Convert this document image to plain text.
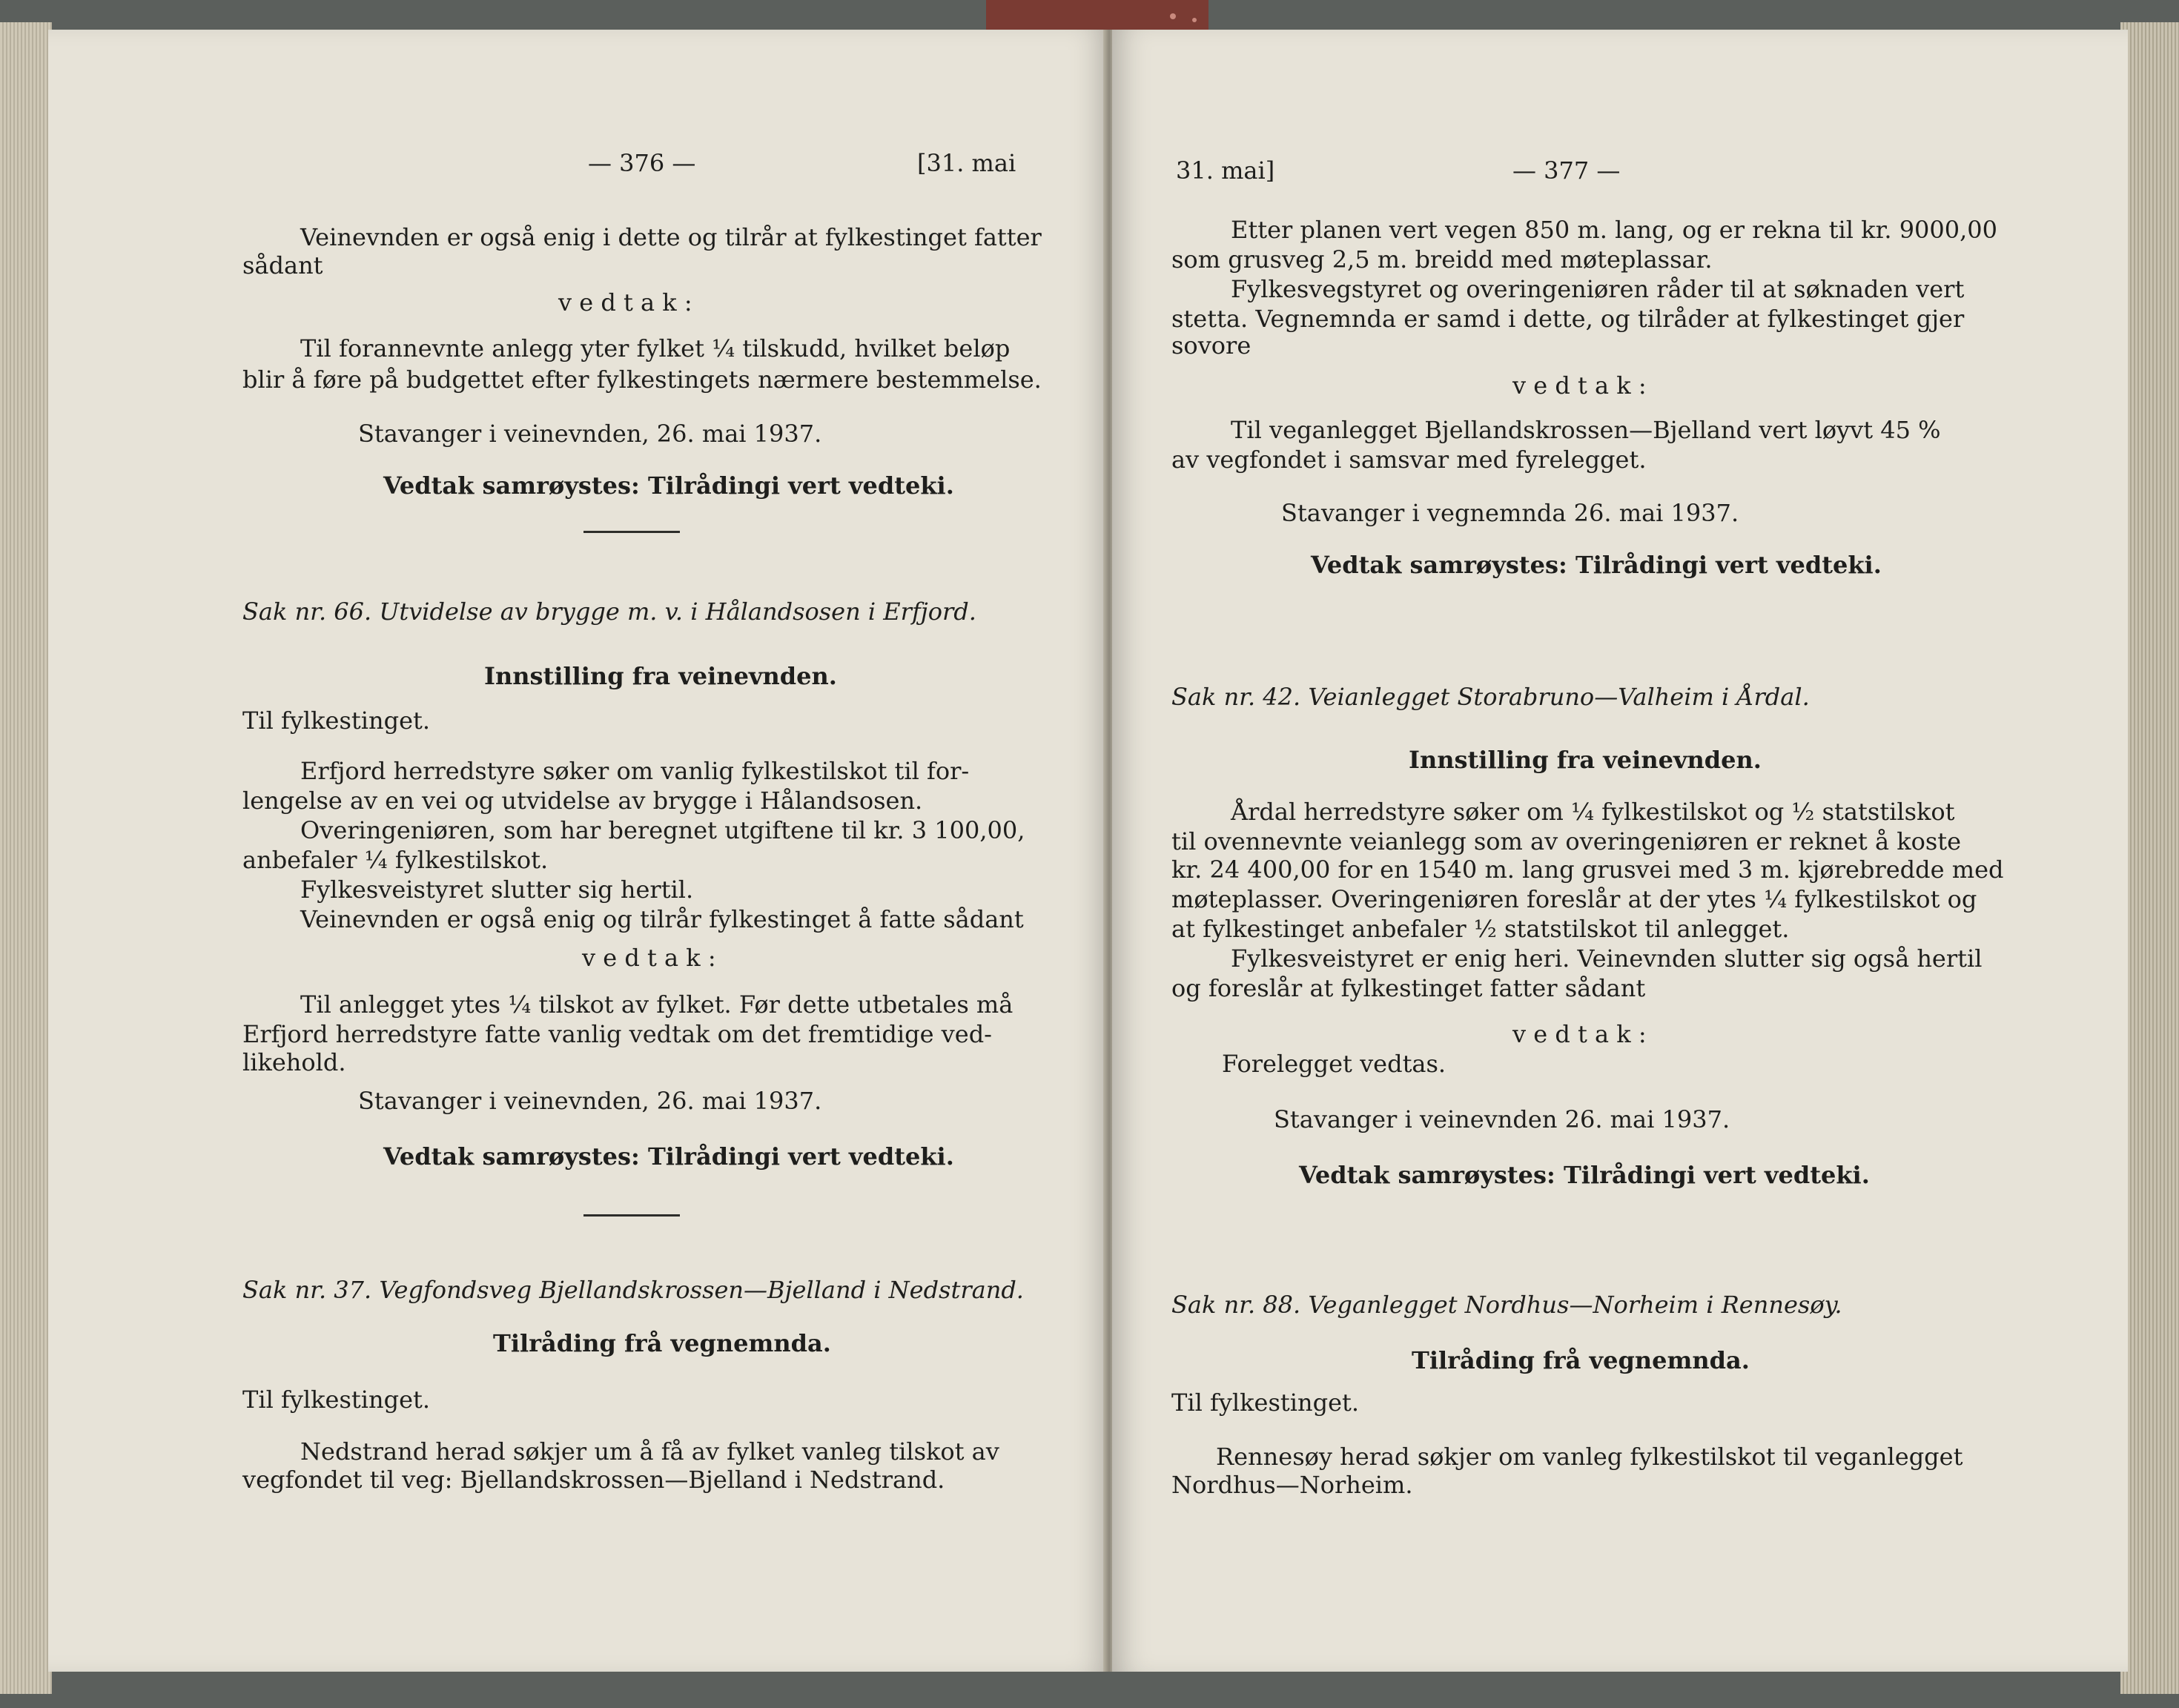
— 376 —	[31. mai
Veinevnden er også enig i dette og tilrår at fylkestinget fatter
sådant
v e d t a k :
Til forannevnte anlegg yter fylket ¼ tilskudd, hvilket beløp
blir å føre på budgettet efter fylkestingets nærmere bestemmelse.
Stavanger i veinevnden, 26. mai 1937.
Vedtak samrøystes: Tilrådingi vert vedteki.
Sak nr. 66. Utvidelse av brygge m. v. i Hålandsosen i Erfjord.
Innstilling fra veinevnden.
Til fylkestinget.
Erfjord herredstyre søker om vanlig fylkestilskot til for-
lengelse av en vei og utvidelse av brygge i Hålandsosen.
Overingeniøren, som har beregnet utgiftene til kr. 3 100,00,
anbefaler ¼ fylkestilskot.
Fylkesveistyret slutter sig hertil.
Veinevnden er også enig og tilrår fylkestinget å fatte sådant
v e d t a k :
Til anlegget ytes ¼ tilskot av fylket. Før dette utbetales må
Erfjord herredstyre fatte vanlig vedtak om det fremtidige ved-
likehold.
Stavanger i veinevnden, 26. mai 1937.
Vedtak samrøystes: Tilrådingi vert vedteki.
Sak nr. 37. Vegfondsveg Bjellandskrossen—Bjelland i Nedstrand.
Tilråding frå vegnemnda.
Til fylkestinget.
Nedstrand herad søkjer um å få av fylket vanleg tilskot av
vegfondet til veg: Bjellandskrossen—Bjelland i Nedstrand.
31. mai]	— 377 —
Etter planen vert vegen 850 m. lang, og er rekna til kr. 9000,00
som grusveg 2,5 m. breidd med møteplassar.
Fylkesvegstyret og overingeniøren råder til at søknaden vert
stetta. Vegnemnda er samd i dette, og tilråder at fylkestinget gjer
sovore
v e d t a k :
Til veganlegget Bjellandskrossen—Bjelland vert løyvt 45 %
av vegfondet i samsvar med fyrelegget.
Stavanger i vegnemnda 26. mai 1937.
Vedtak samrøystes: Tilrådingi vert vedteki.
Sak nr. 42. Veianlegget Storabruno—Valheim i Årdal.
Innstilling fra veinevnden.
Årdal herredstyre søker om ¼ fylkestilskot og ½ statstilskot
til ovennevnte veianlegg som av overingeniøren er reknet å koste
kr. 24 400,00 for en 1540 m. lang grusvei med 3 m. kjørebredde med
møteplasser. Overingeniøren foreslår at der ytes ¼ fylkestilskot og
at fylkestinget anbefaler ½ statstilskot til anlegget.
Fylkesveistyret er enig heri. Veinevnden slutter sig også hertil
og foreslår at fylkestinget fatter sådant
v e d t a k :
Forelegget vedtas.
Stavanger i veinevnden 26. mai 1937.
Vedtak samrøystes: Tilrådingi vert vedteki.
Sak nr. 88. Veganlegget Nordhus—Norheim i Rennesøy.
Tilråding frå vegnemnda.
Til fylkestinget.
Rennesøy herad søkjer om vanleg fylkestilskot til veganlegget
Nordhus—Norheim.
